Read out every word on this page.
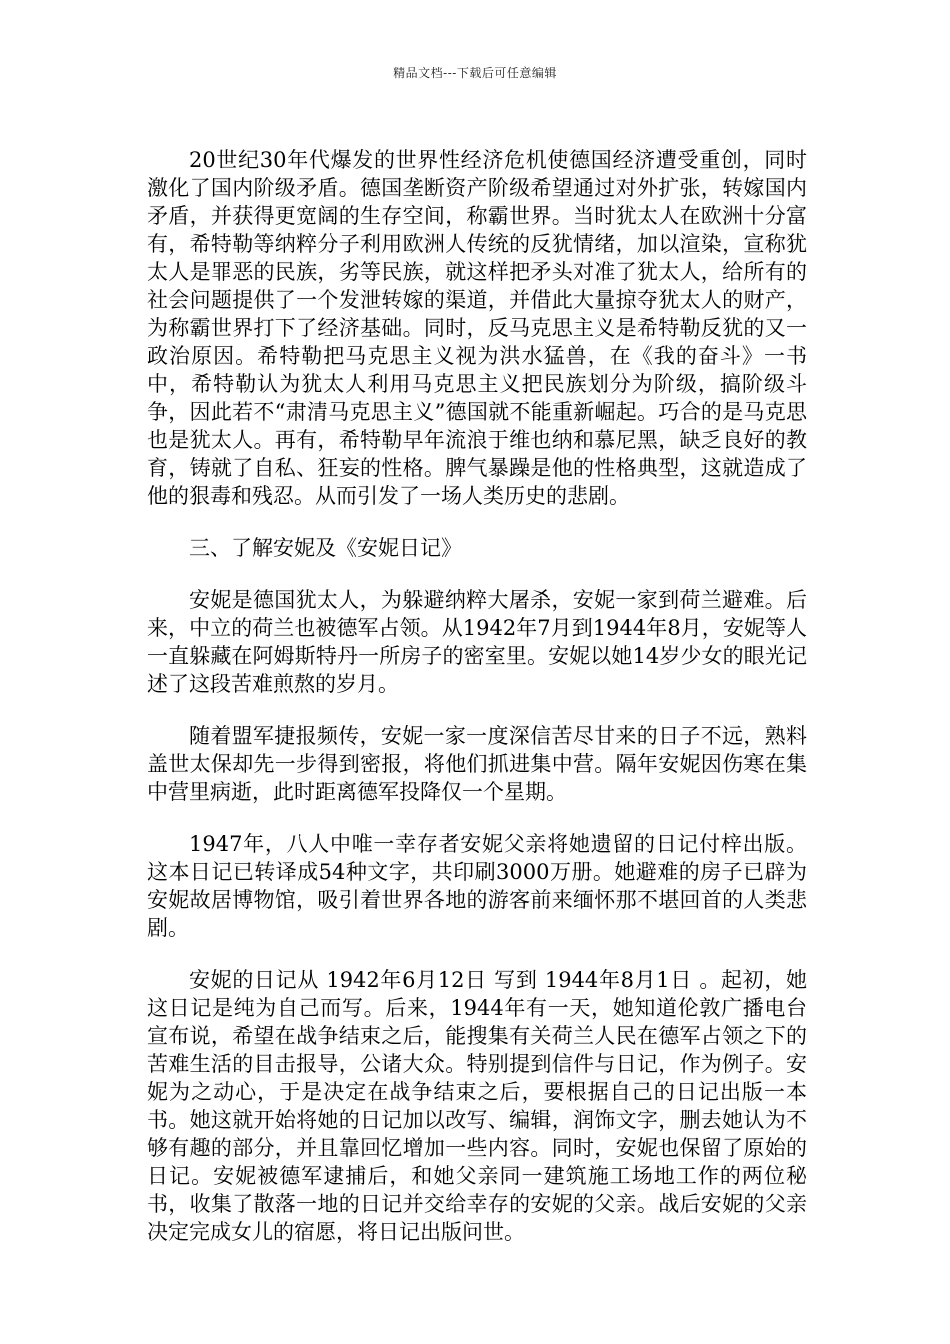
精品文档---下载后可任意编辑

20世纪30年代爆发的世界性经济危机使德国经济遭受重创，同时激化了国内阶级矛盾。德国垄断资产阶级希望通过对外扩张，转嫁国内矛盾，并获得更宽阔的生存空间，称霸世界。当时犹太人在欧洲十分富有，希特勒等纳粹分子利用欧洲人传统的反犹情绪，加以渲染，宣称犹太人是罪恶的民族，劣等民族，就这样把矛头对准了犹太人，给所有的社会问题提供了一个发泄转嫁的渠道，并借此大量掠夺犹太人的财产，为称霸世界打下了经济基础。同时，反马克思主义是希特勒反犹的又一政治原因。希特勒把马克思主义视为洪水猛兽，在《我的奋斗》一书中，希特勒认为犹太人利用马克思主义把民族划分为阶级，搞阶级斗争，因此若不“肃清马克思主义”德国就不能重新崛起。巧合的是马克思也是犹太人。再有，希特勒早年流浪于维也纳和慕尼黑，缺乏良好的教育，铸就了自私、狂妄的性格。脾气暴躁是他的性格典型，这就造成了他的狠毒和残忍。从而引发了一场人类历史的悲剧。

三、了解安妮及《安妮日记》

安妮是德国犹太人，为躲避纳粹大屠杀，安妮一家到荷兰避难。后来，中立的荷兰也被德军占领。从1942年7月到1944年8月，安妮等人一直躲藏在阿姆斯特丹一所房子的密室里。安妮以她14岁少女的眼光记述了这段苦难煎熬的岁月。

随着盟军捷报频传，安妮一家一度深信苦尽甘来的日子不远，熟料盖世太保却先一步得到密报，将他们抓进集中营。隔年安妮因伤寒在集中营里病逝，此时距离德军投降仅一个星期。

1947年，八人中唯一幸存者安妮父亲将她遗留的日记付梓出版。这本日记已转译成54种文字，共印刷3000万册。她避难的房子已辟为安妮故居博物馆，吸引着世界各地的游客前来缅怀那不堪回首的人类悲剧。

安妮的日记从 1942年6月12日 写到 1944年8月1日 。起初，她这日记是纯为自己而写。后来，1944年有一天，她知道伦敦广播电台宣布说，希望在战争结束之后，能搜集有关荷兰人民在德军占领之下的苦难生活的目击报导，公诸大众。特别提到信件与日记，作为例子。安妮为之动心，于是决定在战争结束之后，要根据自己的日记出版一本书。她这就开始将她的日记加以改写、编辑，润饰文字，删去她认为不够有趣的部分，并且靠回忆增加一些内容。同时，安妮也保留了原始的日记。安妮被德军逮捕后，和她父亲同一建筑施工场地工作的两位秘书，收集了散落一地的日记并交给幸存的安妮的父亲。战后安妮的父亲决定完成女儿的宿愿，将日记出版问世。
